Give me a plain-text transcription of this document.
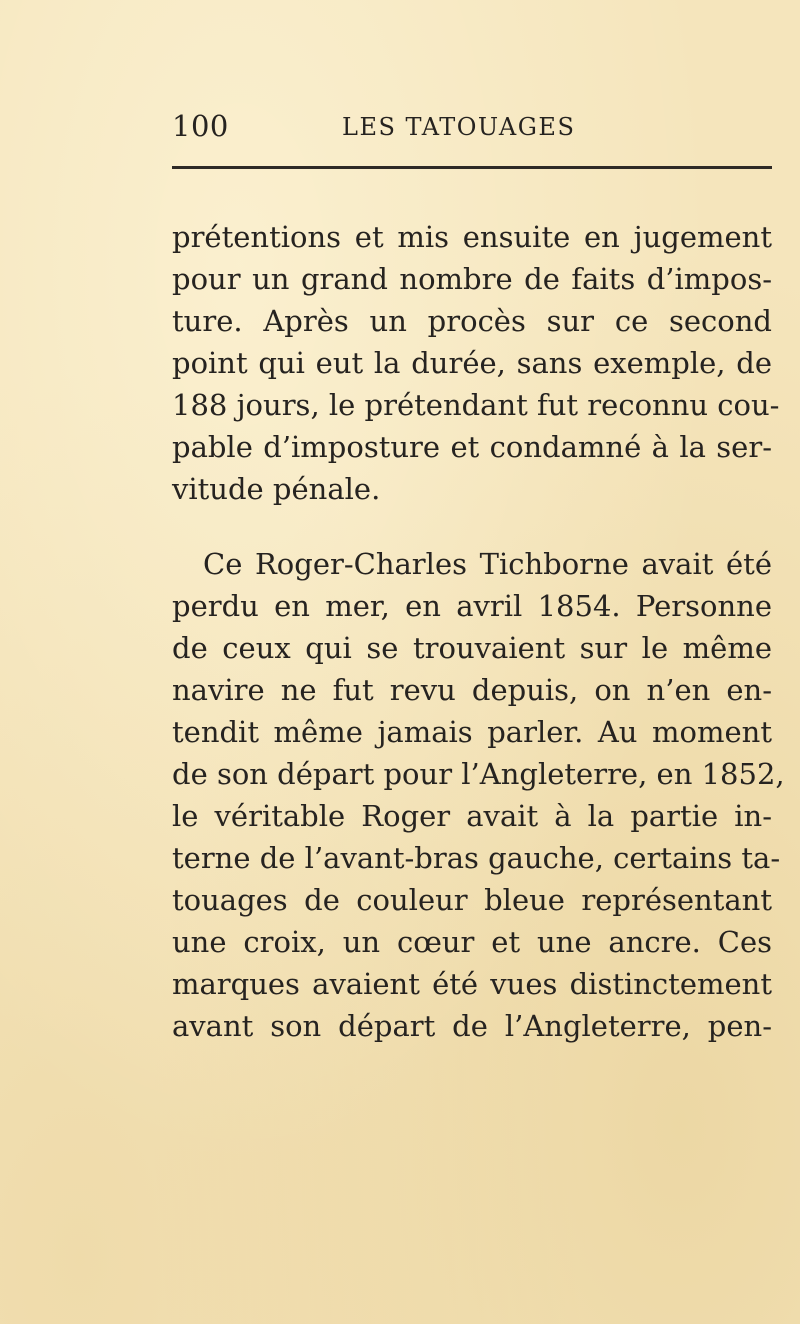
100	LES TATOUAGES

prétentions et mis ensuite en jugement
pour un grand nombre de faits d’impos-
ture. Après un procès sur ce second
point qui eut la durée, sans exemple, de
188 jours, le prétendant fut reconnu cou-
pable d’imposture et condamné à la ser-
vitude pénale.

Ce Roger-Charles Tichborne avait été
perdu en mer, en avril 1854. Personne
de ceux qui se trouvaient sur le même
navire ne fut revu depuis, on n’en en-
tendit même jamais parler. Au moment
de son départ pour l’Angleterre, en 1852,
le véritable Roger avait à la partie in-
terne de l’avant-bras gauche, certains ta-
touages de couleur bleue représentant
une croix, un cœur et une ancre. Ces
marques avaient été vues distinctement
avant son départ de l’Angleterre, pen-
